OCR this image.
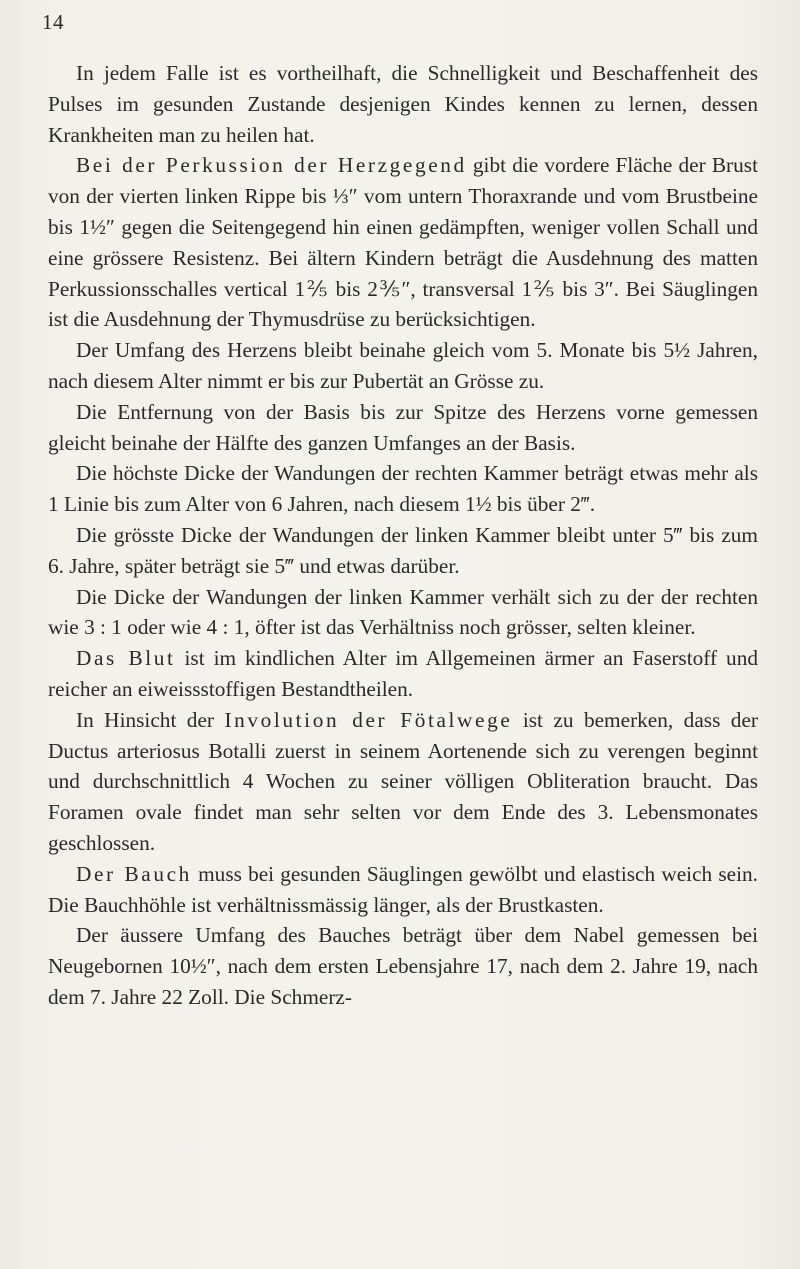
14

In jedem Falle ist es vortheilhaft, die Schnelligkeit und Beschaffenheit des Pulses im gesunden Zustande desjenigen Kindes kennen zu lernen, dessen Krankheiten man zu heilen hat.

Bei der Perkussion der Herzgegend gibt die vordere Fläche der Brust von der vierten linken Rippe bis ⅓″ vom untern Thoraxrande und vom Brustbeine bis 1½″ gegen die Seitengegend hin einen gedämpften, weniger vollen Schall und eine grössere Resistenz. Bei ältern Kindern beträgt die Ausdehnung des matten Perkussionsschalles vertical 1⅖ bis 2⅗″, transversal 1⅖ bis 3″. Bei Säuglingen ist die Ausdehnung der Thymusdrüse zu berücksichtigen.

Der Umfang des Herzens bleibt beinahe gleich vom 5. Monate bis 5½ Jahren, nach diesem Alter nimmt er bis zur Pubertät an Grösse zu.

Die Entfernung von der Basis bis zur Spitze des Herzens vorne gemessen gleicht beinahe der Hälfte des ganzen Umfanges an der Basis.

Die höchste Dicke der Wandungen der rechten Kammer beträgt etwas mehr als 1 Linie bis zum Alter von 6 Jahren, nach diesem 1½ bis über 2‴.

Die grösste Dicke der Wandungen der linken Kammer bleibt unter 5‴ bis zum 6. Jahre, später beträgt sie 5‴ und etwas darüber.

Die Dicke der Wandungen der linken Kammer verhält sich zu der der rechten wie 3 : 1 oder wie 4 : 1, öfter ist das Verhältniss noch grösser, selten kleiner.

Das Blut ist im kindlichen Alter im Allgemeinen ärmer an Faserstoff und reicher an eiweissstoffigen Bestandtheilen.

In Hinsicht der Involution der Fötalwege ist zu bemerken, dass der Ductus arteriosus Botalli zuerst in seinem Aortenende sich zu verengen beginnt und durchschnittlich 4 Wochen zu seiner völligen Obliteration braucht. Das Foramen ovale findet man sehr selten vor dem Ende des 3. Lebensmonates geschlossen.

Der Bauch muss bei gesunden Säuglingen gewölbt und elastisch weich sein. Die Bauchhöhle ist verhältnissmässig länger, als der Brustkasten.

Der äussere Umfang des Bauches beträgt über dem Nabel gemessen bei Neugebornen 10½″, nach dem ersten Lebensjahre 17, nach dem 2. Jahre 19, nach dem 7. Jahre 22 Zoll. Die Schmerz-
